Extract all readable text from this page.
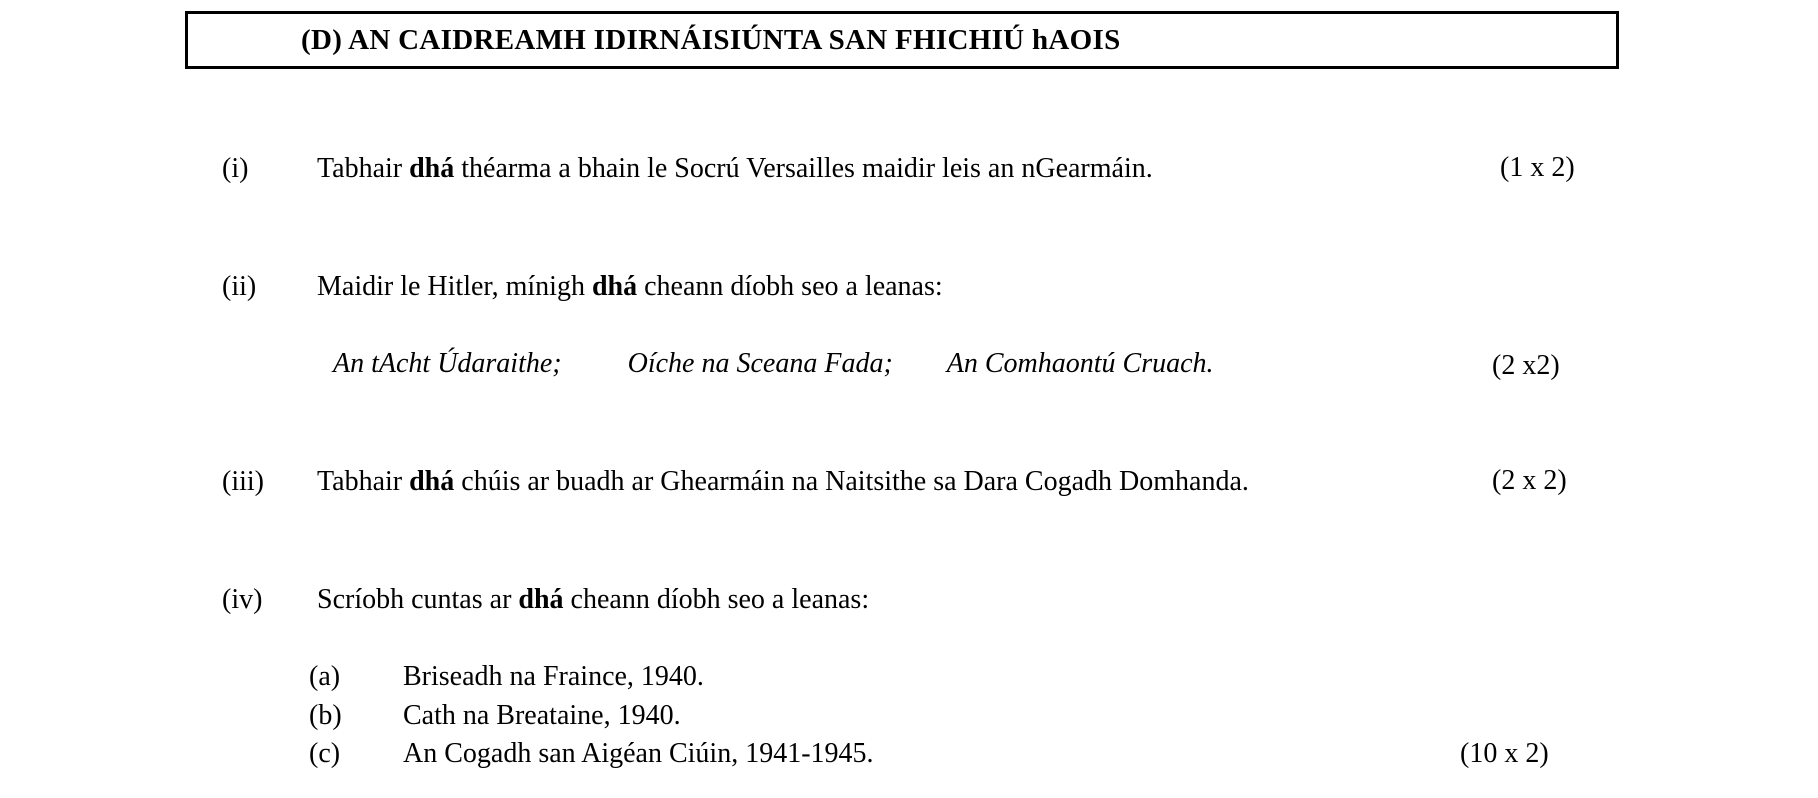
(D) AN CAIDREAMH IDIRNÁISIÚNTA SAN FHICHIÚ hAOIS
(i)	Tabhair dhá théarma a bhain le Socrú Versailles maidir leis an nGearmáin.	(1 x 2)
(ii)	Maidir le Hitler, mínigh dhá cheann díobh seo a leanas:
An tAcht Údaraithe; Oíche na Sceana Fada; An Comhaontú Cruach.	(2 x2)
(iii)	Tabhair dhá chúis ar buadh ar Ghearmáin na Naitsithe sa Dara Cogadh Domhanda.	(2 x 2)
(iv)	Scríobh cuntas ar dhá cheann díobh seo a leanas:
(a)	Briseadh na Fraince, 1940.
(b)	Cath na Breataine, 1940.
(c)	An Cogadh san Aigéan Ciúin, 1941-1945.	(10 x 2)
